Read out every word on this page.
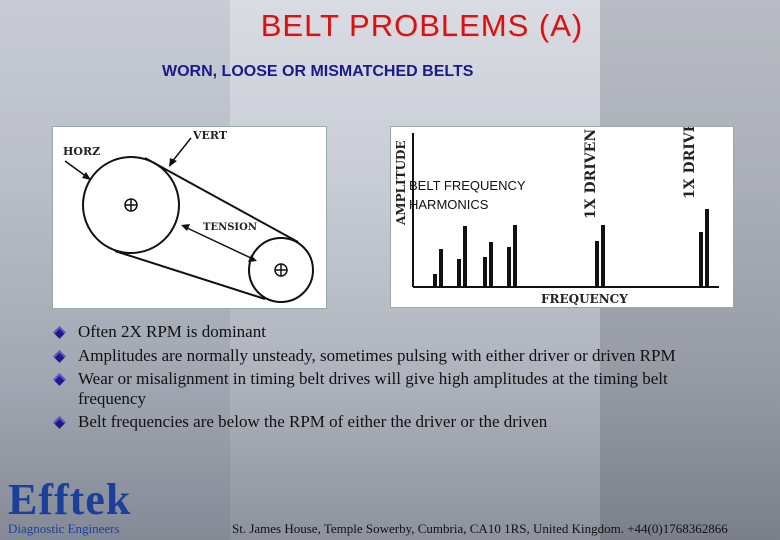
BELT PROBLEMS (A)
WORN, LOOSE OR MISMATCHED BELTS
VERT
HORZ
TENSION
AMPLITUDE
FREQUENCY
BELT FREQUENCY
HARMONICS	1X DRIVEN	1X DRIVER
Often 2X RPM is dominant
Amplitudes are normally unsteady, sometimes pulsing with either driver or driven RPM
Wear or misalignment in timing belt drives will give high amplitudes at the timing belt frequency
Belt frequencies are below the RPM of either the driver or the driven
Efftek
Diagnostic Engineers	St. James House, Temple Sowerby, Cumbria, CA10 1RS, United Kingdom. +44(0)1768362866
